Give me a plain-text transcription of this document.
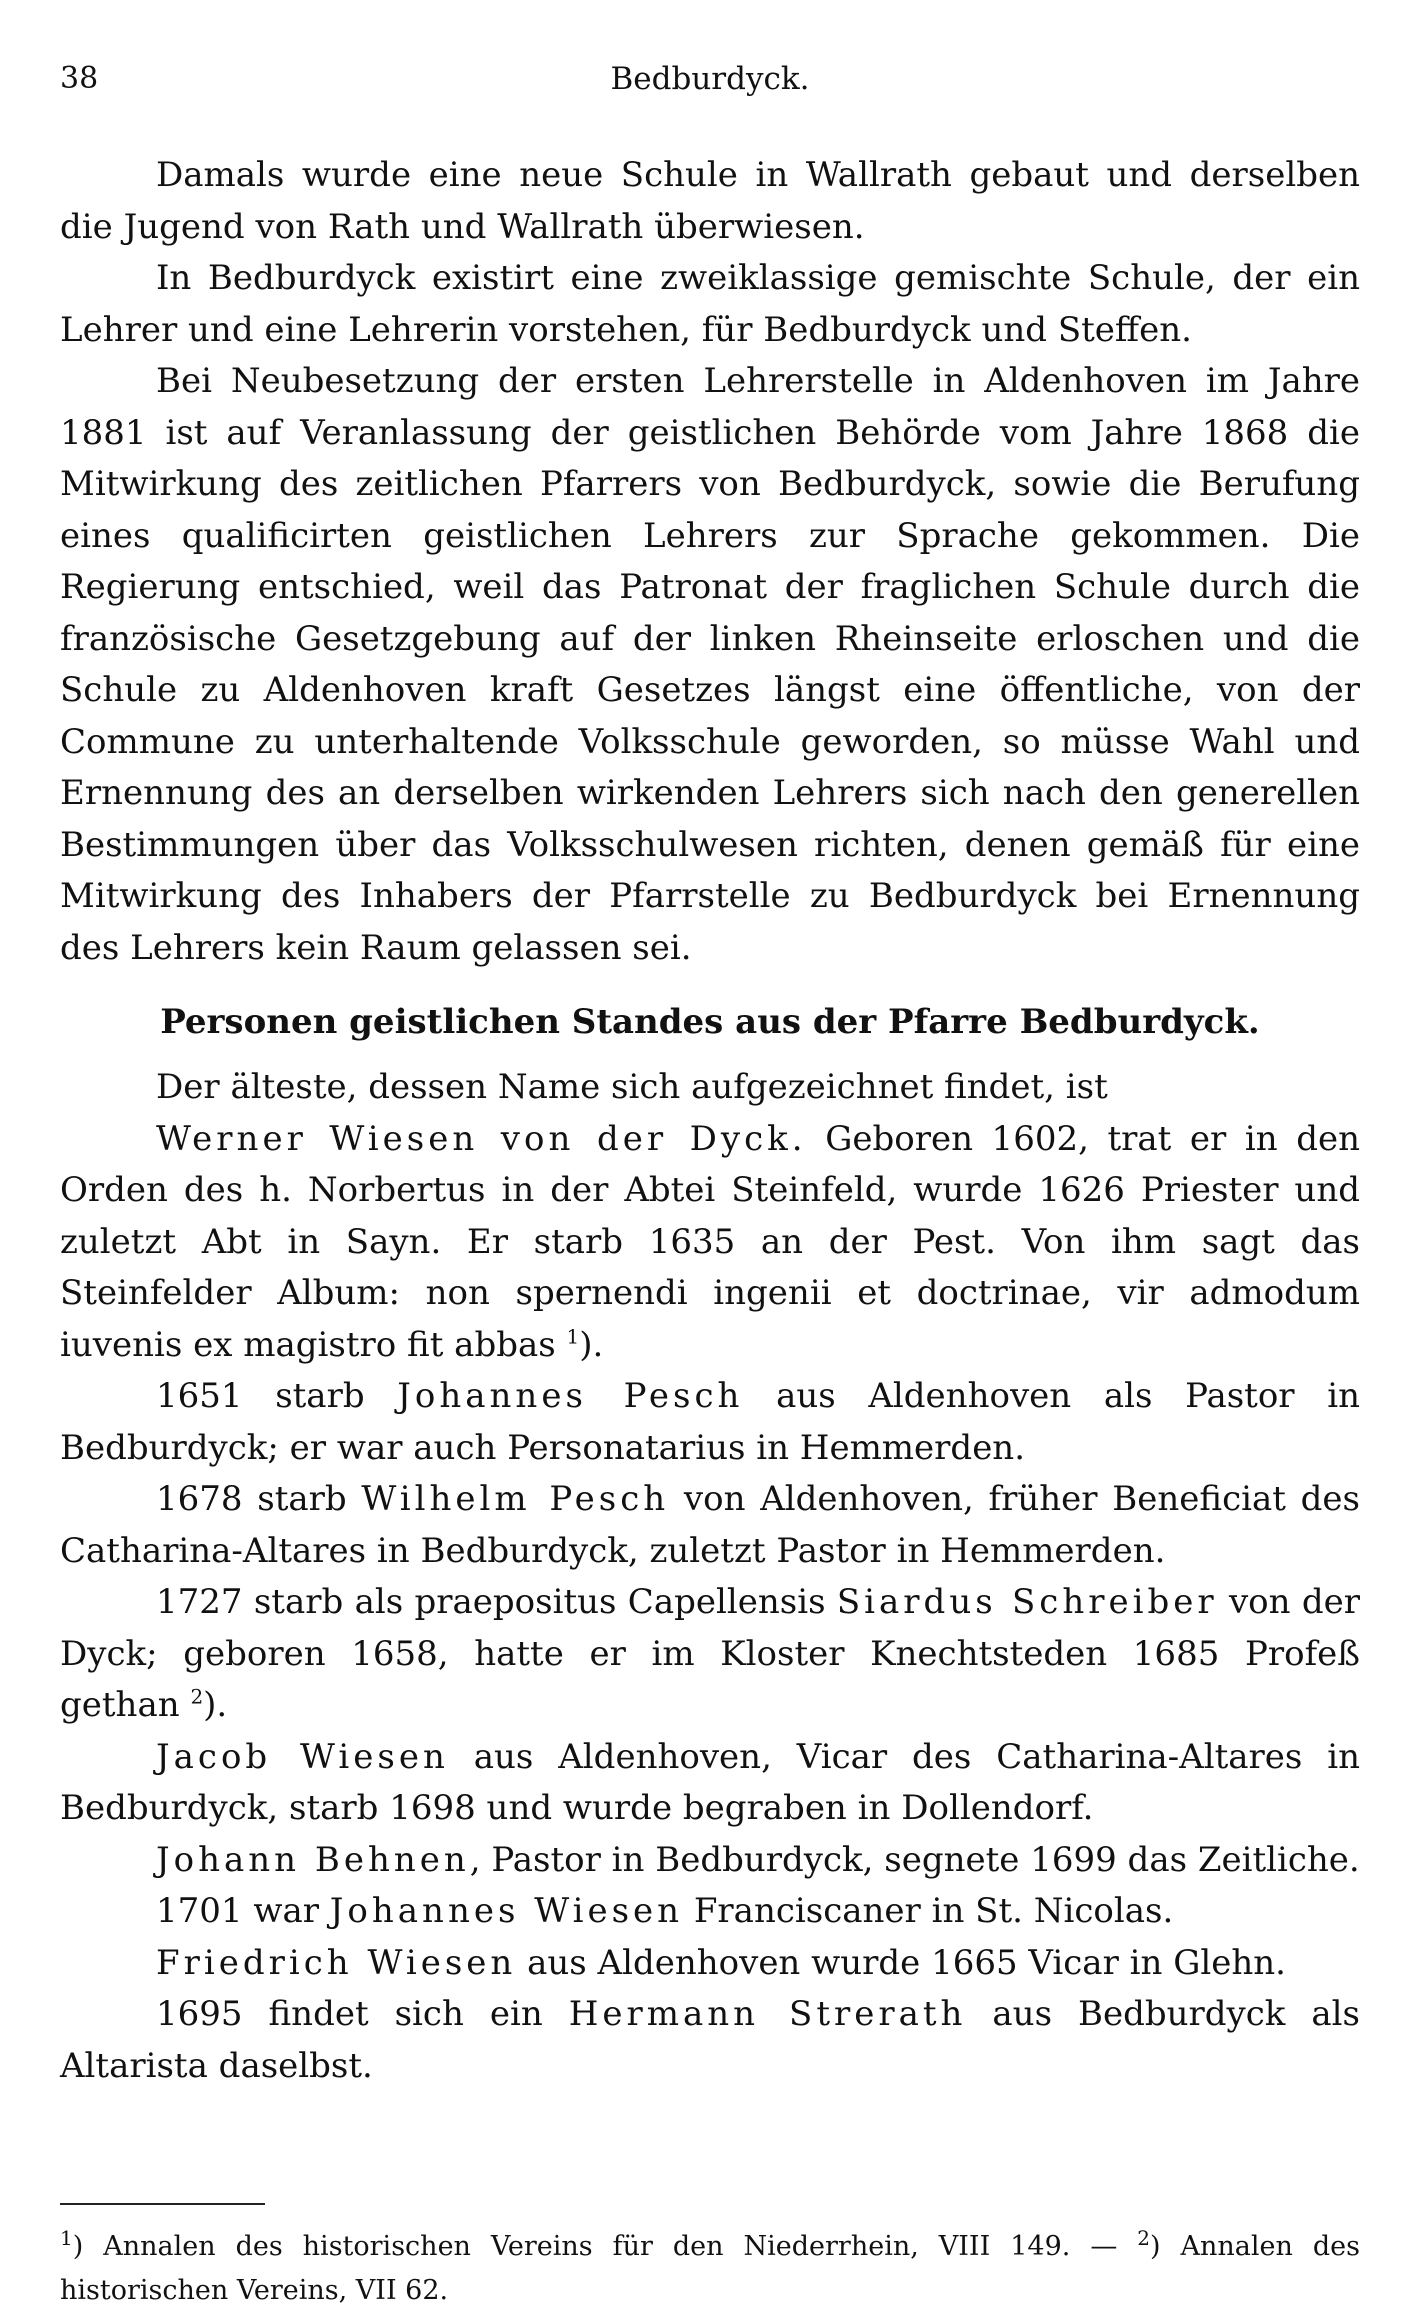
38	Bedburdyck.

Damals wurde eine neue Schule in Wallrath gebaut und derselben die Jugend von Rath und Wallrath überwiesen.

In Bedburdyck existirt eine zweiklassige gemischte Schule, der ein Lehrer und eine Lehrerin vorstehen, für Bedburdyck und Steffen.

Bei Neubesetzung der ersten Lehrerstelle in Aldenhoven im Jahre 1881 ist auf Veranlassung der geistlichen Behörde vom Jahre 1868 die Mitwirkung des zeitlichen Pfarrers von Bedburdyck, sowie die Berufung eines qualificirten geistlichen Lehrers zur Sprache gekommen. Die Regierung entschied, weil das Patronat der fraglichen Schule durch die französische Gesetzgebung auf der linken Rheinseite erloschen und die Schule zu Aldenhoven kraft Gesetzes längst eine öffentliche, von der Commune zu unterhaltende Volksschule geworden, so müsse Wahl und Ernennung des an derselben wirkenden Lehrers sich nach den generellen Bestimmungen über das Volksschulwesen richten, denen gemäß für eine Mitwirkung des Inhabers der Pfarrstelle zu Bedburdyck bei Ernennung des Lehrers kein Raum gelassen sei.

Personen geistlichen Standes aus der Pfarre Bedburdyck.

Der älteste, dessen Name sich aufgezeichnet findet, ist

Werner Wiesen von der Dyck. Geboren 1602, trat er in den Orden des h. Norbertus in der Abtei Steinfeld, wurde 1626 Priester und zuletzt Abt in Sayn. Er starb 1635 an der Pest. Von ihm sagt das Steinfelder Album: non spernendi ingenii et doctrinae, vir admodum iuvenis ex magistro fit abbas $^1$).

1651 starb Johannes Pesch aus Aldenhoven als Pastor in Bedburdyck; er war auch Personatarius in Hemmerden.

1678 starb Wilhelm Pesch von Aldenhoven, früher Beneficiat des Catharina-Altares in Bedburdyck, zuletzt Pastor in Hemmerden.

1727 starb als praepositus Capellensis Siardus Schreiber von der Dyck; geboren 1658, hatte er im Kloster Knechtsteden 1685 Profeß gethan $^2$).

Jacob Wiesen aus Aldenhoven, Vicar des Catharina-Altares in Bedburdyck, starb 1698 und wurde begraben in Dollendorf.

Johann Behnen, Pastor in Bedburdyck, segnete 1699 das Zeitliche.

1701 war Johannes Wiesen Franciscaner in St. Nicolas.

Friedrich Wiesen aus Aldenhoven wurde 1665 Vicar in Glehn.

1695 findet sich ein Hermann Strerath aus Bedburdyck als Altarista daselbst.

$^1$) Annalen des historischen Vereins für den Niederrhein, VIII 149. — $^2$) Annalen des historischen Vereins, VII 62.
